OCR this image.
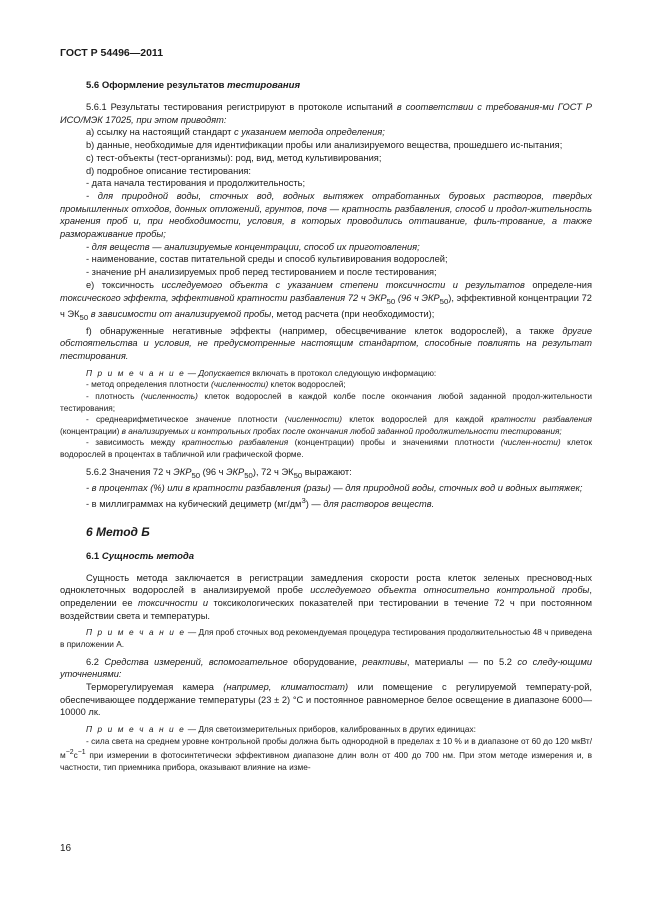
ГОСТ Р 54496—2011
5.6 Оформление результатов тестирования

5.6.1 Результаты тестирования регистрируют в протоколе испытаний в соответствии с требования-ми ГОСТ Р ИСО/МЭК 17025, при этом приводят:

а) ссылку на настоящий стандарт с указанием метода определения;

b) данные, необходимые для идентификации пробы или анализируемого вещества, прошедшего ис-пытания;

с) тест-объекты (тест-организмы): род, вид, метод культивирования;

d) подробное описание тестирования:

- дата начала тестирования и продолжительность;

- для природной воды, сточных вод, водных вытяжек отработанных буровых растворов, твердых промышленных отходов, донных отложений, грунтов, почв — кратность разбавления, способ и продол-жительность хранения проб и, при необходимости, условия, в которых проводились оттаивание, филь-трование, а также размораживание пробы;

- для веществ — анализируемые концентрации, способ их приготовления;

- наименование, состав питательной среды и способ культивирования водорослей;

- значение pH анализируемых проб перед тестированием и после тестирования;

е) токсичность исследуемого объекта с указанием степени токсичности и результатов определе-ния токсического эффекта, эффективной кратности разбавления 72 ч $ЭКР_{50}$ (96 ч $ЭКР_{50}$), эффективной концентрации 72 ч $ЭК_{50}$ в зависимости от анализируемой пробы, метод расчета (при необходимости);

f) обнаруженные негативные эффекты (например, обесцвечивание клеток водорослей), а также другие обстоятельства и условия, не предусмотренные настоящим стандартом, способные повлиять на результат тестирования.

П р и м е ч а н и е — Допускается включать в протокол следующую информацию:

- метод определения плотности (численности) клеток водорослей;

- плотность (численность) клеток водорослей в каждой колбе после окончания любой заданной продол-жительности тестирования;

- среднеарифметическое значение плотности (численности) клеток водорослей для каждой кратности разбавления (концентрации) в анализируемых и контрольных пробах после окончания любой заданной продолжительности тестирования;

- зависимость между кратностью разбавления (концентрации) пробы и значениями плотности (числен-ности) клеток водорослей в процентах в табличной или графической форме.

5.6.2 Значения 72 ч $ЭКР_{50}$ (96 ч $ЭКР_{50}$), 72 ч $ЭК_{50}$ выражают:

- в процентах (%) или в кратности разбавления (разы) — для природной воды, сточных вод и водных вытяжек;

- в миллиграммах на кубический дециметр $(мг/дм^3)$ — для растворов веществ.

6 Метод Б
6.1 Сущность метода

Сущность метода заключается в регистрации замедления скорости роста клеток зеленых пресновод-ных одноклеточных водорослей в анализируемой пробе исследуемого объекта относительно контрольной пробы, определении ее токсичности и токсикологических показателей при тестировании в течение 72 ч при постоянном воздействии света и температуры.

П р и м е ч а н и е — Для проб сточных вод рекомендуемая процедура тестирования продолжительностью 48 ч приведена в приложении А.

6.2 Средства измерений, вспомогательное оборудование, реактивы, материалы — по 5.2 со следу-ющими уточнениями:

Терморегулируемая камера (например, климатостат) или помещение с регулируемой температу-рой, обеспечивающее поддержание температуры (23 ± 2) °С и постоянное равномерное белое освещение в диапазоне 6000—10000 лк.

П р и м е ч а н и е — Для светоизмерительных приборов, калиброванных в других единицах:

- сила света на среднем уровне контрольной пробы должна быть однородной в пределах ± 10 % и в диапазоне от 60 до 120 мкВт/$м^{-2}с^{-1}$ при измерении в фотосинтетически эффективном диапазоне длин волн от 400 до 700 нм. При этом методе измерения и, в частности, тип приемника прибора, оказывают влияние на изме-

16
